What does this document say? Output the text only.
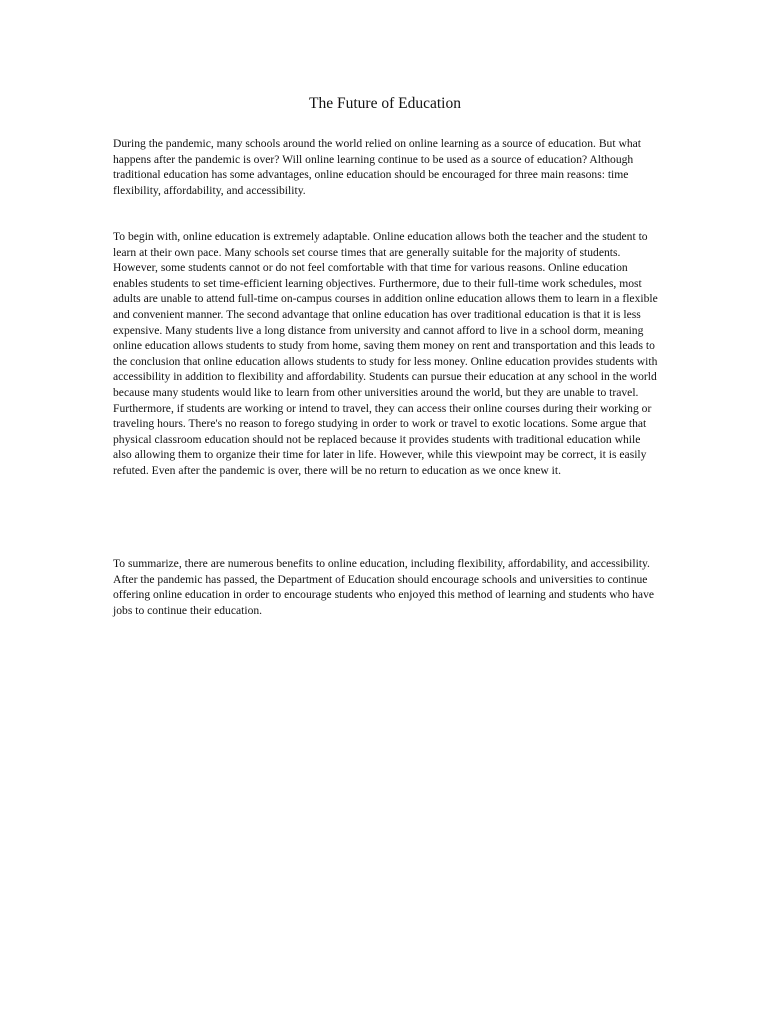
The Future of Education

During the pandemic, many schools around the world relied on online learning as a source of education. But what happens after the pandemic is over? Will online learning continue to be used as a source of education? Although traditional education has some advantages, online education should be encouraged for three main reasons: time flexibility, affordability, and accessibility.

To begin with, online education is extremely adaptable. Online education allows both the teacher and the student to learn at their own pace. Many schools set course times that are generally suitable for the majority of students. However, some students cannot or do not feel comfortable with that time for various reasons. Online education enables students to set time-efficient learning objectives. Furthermore, due to their full-time work schedules, most adults are unable to attend full-time on-campus courses in addition online education allows them to learn in a flexible and convenient manner. The second advantage that online education has over traditional education is that it is less expensive. Many students live a long distance from university and cannot afford to live in a school dorm, meaning online education allows students to study from home, saving them money on rent and transportation and this leads to the conclusion that online education allows students to study for less money. Online education provides students with accessibility in addition to flexibility and affordability. Students can pursue their education at any school in the world because many students would like to learn from other universities around the world, but they are unable to travel. Furthermore, if students are working or intend to travel, they can access their online courses during their working or traveling hours. There's no reason to forego studying in order to work or travel to exotic locations. Some argue that physical classroom education should not be replaced because it provides students with traditional education while also allowing them to organize their time for later in life. However, while this viewpoint may be correct, it is easily refuted. Even after the pandemic is over, there will be no return to education as we once knew it.

To summarize, there are numerous benefits to online education, including flexibility, affordability, and accessibility. After the pandemic has passed, the Department of Education should encourage schools and universities to continue offering online education in order to encourage students who enjoyed this method of learning and students who have jobs to continue their education.
